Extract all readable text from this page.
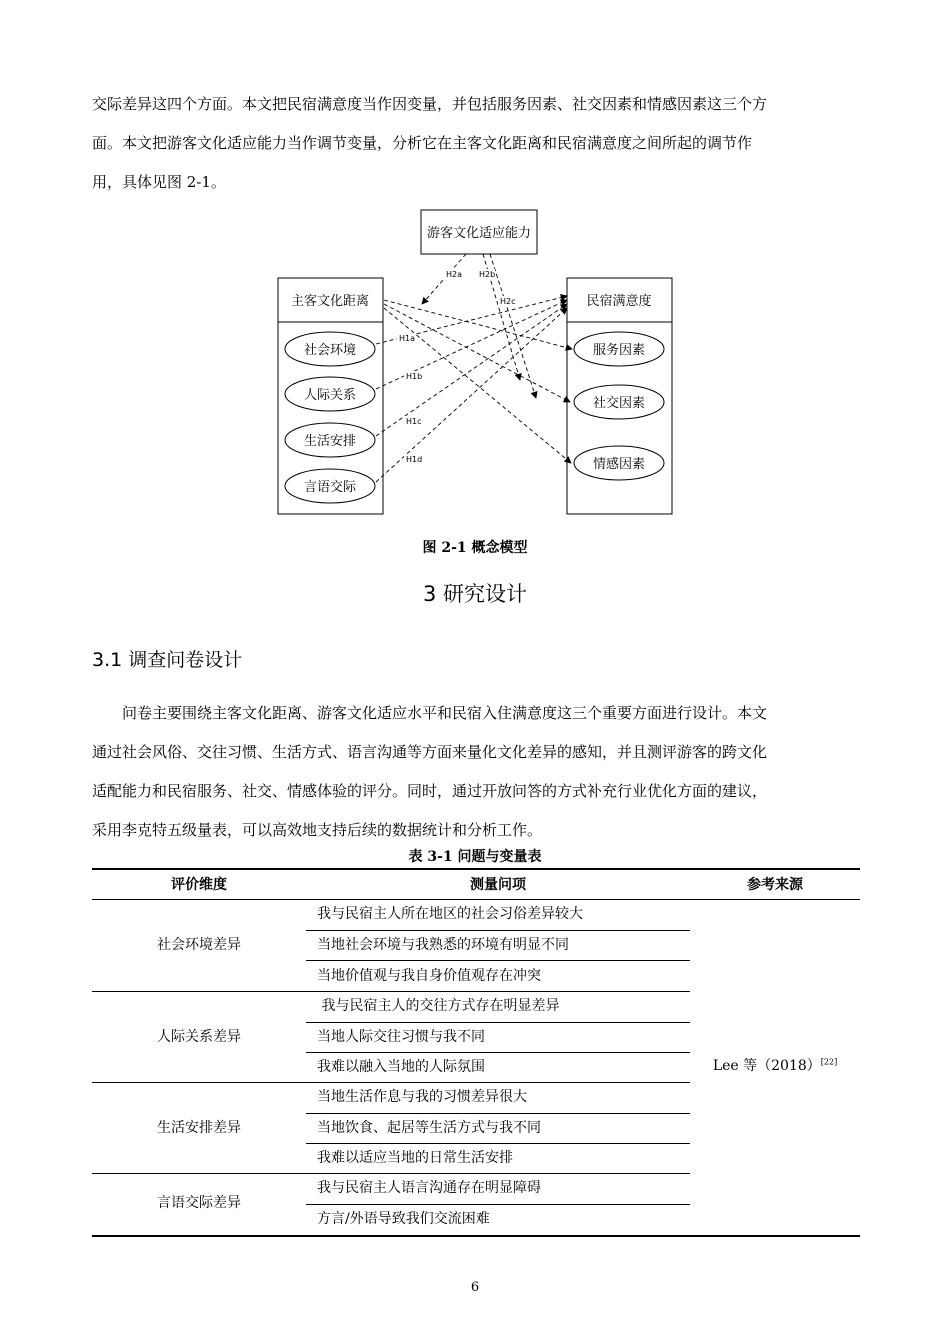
交际差异这四个方面。本文把民宿满意度当作因变量，并包括服务因素、社交因素和情感因素这三个方
面。本文把游客文化适应能力当作调节变量，分析它在主客文化距离和民宿满意度之间所起的调节作
用，具体见图 2-1。
游客文化适应能力
主客文化距离
社会环境
人际关系
生活安排
言语交际
民宿满意度
服务因素
社交因素
情感因素
H1a
H1b
H1c
H1d
H2a H2b
H2c
图 2-1 概念模型
3 研究设计
3.1 调查问卷设计
问卷主要围绕主客文化距离、游客文化适应水平和民宿入住满意度这三个重要方面进行设计。本文
通过社会风俗、交往习惯、生活方式、语言沟通等方面来量化文化差异的感知，并且测评游客的跨文化
适配能力和民宿服务、社交、情感体验的评分。同时，通过开放问答的方式补充行业优化方面的建议，
采用李克特五级量表，可以高效地支持后续的数据统计和分析工作。
表 3-1 问题与变量表
评价维度	测量问项	参考来源
社会环境差异
人际关系差异
生活安排差异
言语交际差异
我与民宿主人所在地区的社会习俗差异较大
当地社会环境与我熟悉的环境有明显不同
当地价值观与我自身价值观存在冲突
我与民宿主人的交往方式存在明显差异
当地人际交往习惯与我不同
我难以融入当地的人际氛围
当地生活作息与我的习惯差异很大
当地饮食、起居等生活方式与我不同
我难以适应当地的日常生活安排
我与民宿主人语言沟通存在明显障碍
方言/外语导致我们交流困难
Lee 等（2018）[22]
6
